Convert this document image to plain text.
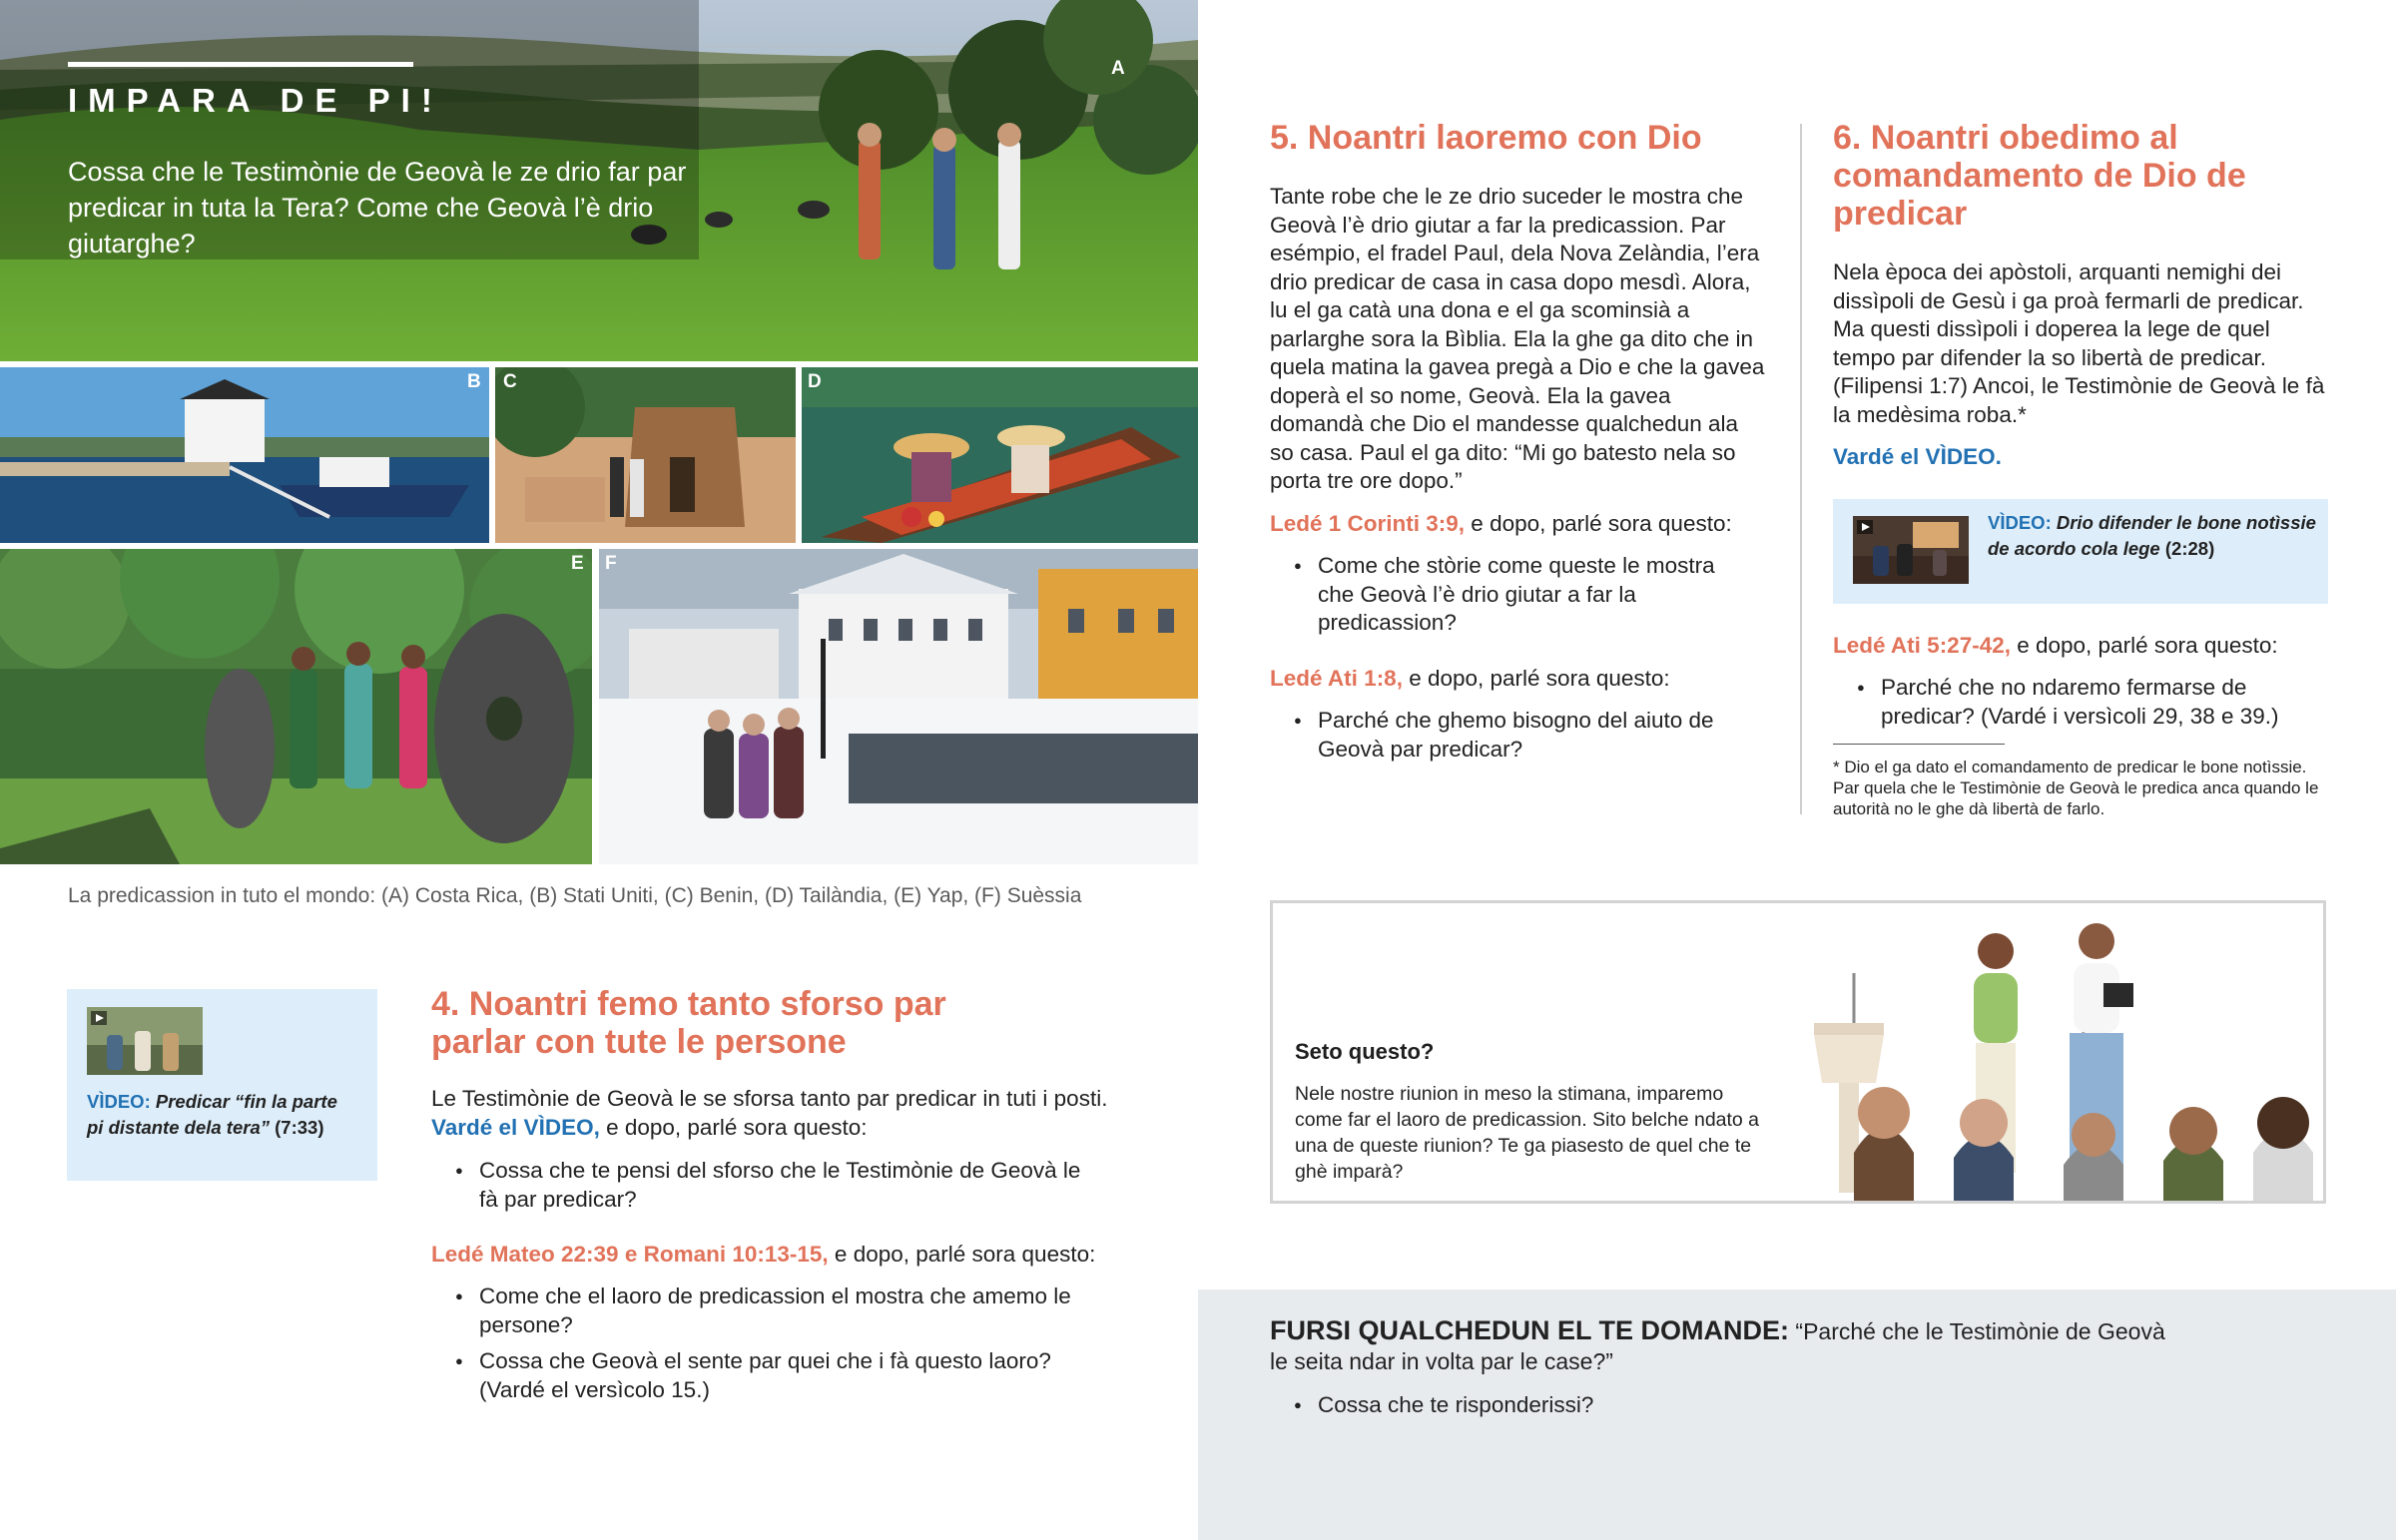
A
IMPARA DE PI!

Cossa che le Testimònie de Geovà le ze drio far par predicar in tuta la Tera? Come che Geovà l’è drio giutarghe?

B C	D
E F
La predicassion in tuto el mondo: (A) Costa Rica, (B) Stati Uniti, (C) Benin, (D) Tailàndia, (E) Yap, (F) Suèssia
VÌDEO: Predicar “fin la parte pi distante dela tera” (7:33)
4. Noantri femo tanto sforso par parlar con tute le persone

Le Testimònie de Geovà le se sforsa tanto par predicar in tuti i posti. Vardé el VÌDEO, e dopo, parlé sora questo:

● Cossa che te pensi del sforso che le Testimònie de Geovà le fà par predicar?

Ledé Mateo 22:39 e Romani 10:13-15, e dopo, parlé sora questo:

● Come che el laoro de predicassion el mostra che amemo le persone?
● Cossa che Geovà el sente par quei che i fà questo laoro? (Vardé el versìcolo 15.)
5. Noantri laoremo con Dio

Tante robe che le ze drio suceder le mostra che Geovà l’è drio giutar a far la predicassion. Par esémpio, el fradel Paul, dela Nova Zelàndia, l’era drio predicar de casa in casa dopo mesdì. Alora, lu el ga catà una dona e el ga scominsià a parlarghe sora la Bìblia. Ela la ghe ga dito che in quela matina la gavea pregà a Dio e che la gavea doperà el so nome, Geovà. Ela la gavea domandà che Dio el mandesse qualchedun ala so casa. Paul el ga dito: “Mi go batesto nela so porta tre ore dopo.”

Ledé 1 Corinti 3:9, e dopo, parlé sora questo:

● Come che stòrie come queste le mostra che Geovà l’è drio giutar a far la predicassion?

Ledé Ati 1:8, e dopo, parlé sora questo:

● Parché che ghemo bisogno del aiuto de Geovà par predicar?
6. Noantri obedimo al comandamento de Dio de predicar

Nela època dei apòstoli, arquanti nemighi dei dissìpoli de Gesù i ga proà fermarli de predicar. Ma questi dissìpoli i doperea la lege de quel tempo par difender la so libertà de predicar. (Filipensi 1:7) Ancoi, le Testimònie de Geovà le fà la medèsima roba.*

Vardé el VÌDEO.

VÌDEO: Drio difender le bone notìssie de acordo cola lege (2:28)

Ledé Ati 5:27-42, e dopo, parlé sora questo:

● Parché che no ndaremo fermarse de predicar? (Vardé i versìcoli 29, 38 e 39.)
* Dio el ga dato el comandamento de predicar le bone notìssie. Par quela che le Testimònie de Geovà le predica anca quando le autorità no le ghe dà libertà de farlo.
Seto questo?
Nele nostre riunion in meso la stimana, imparemo come far el laoro de predicassion. Sito belche ndato a una de queste riunion? Te ga piasesto de quel che te ghè imparà?

FURSI QUALCHEDUN EL TE DOMANDE: “Parché che le Testimònie de Geovà le seita ndar in volta par le case?”

● Cossa che te risponderissi?
